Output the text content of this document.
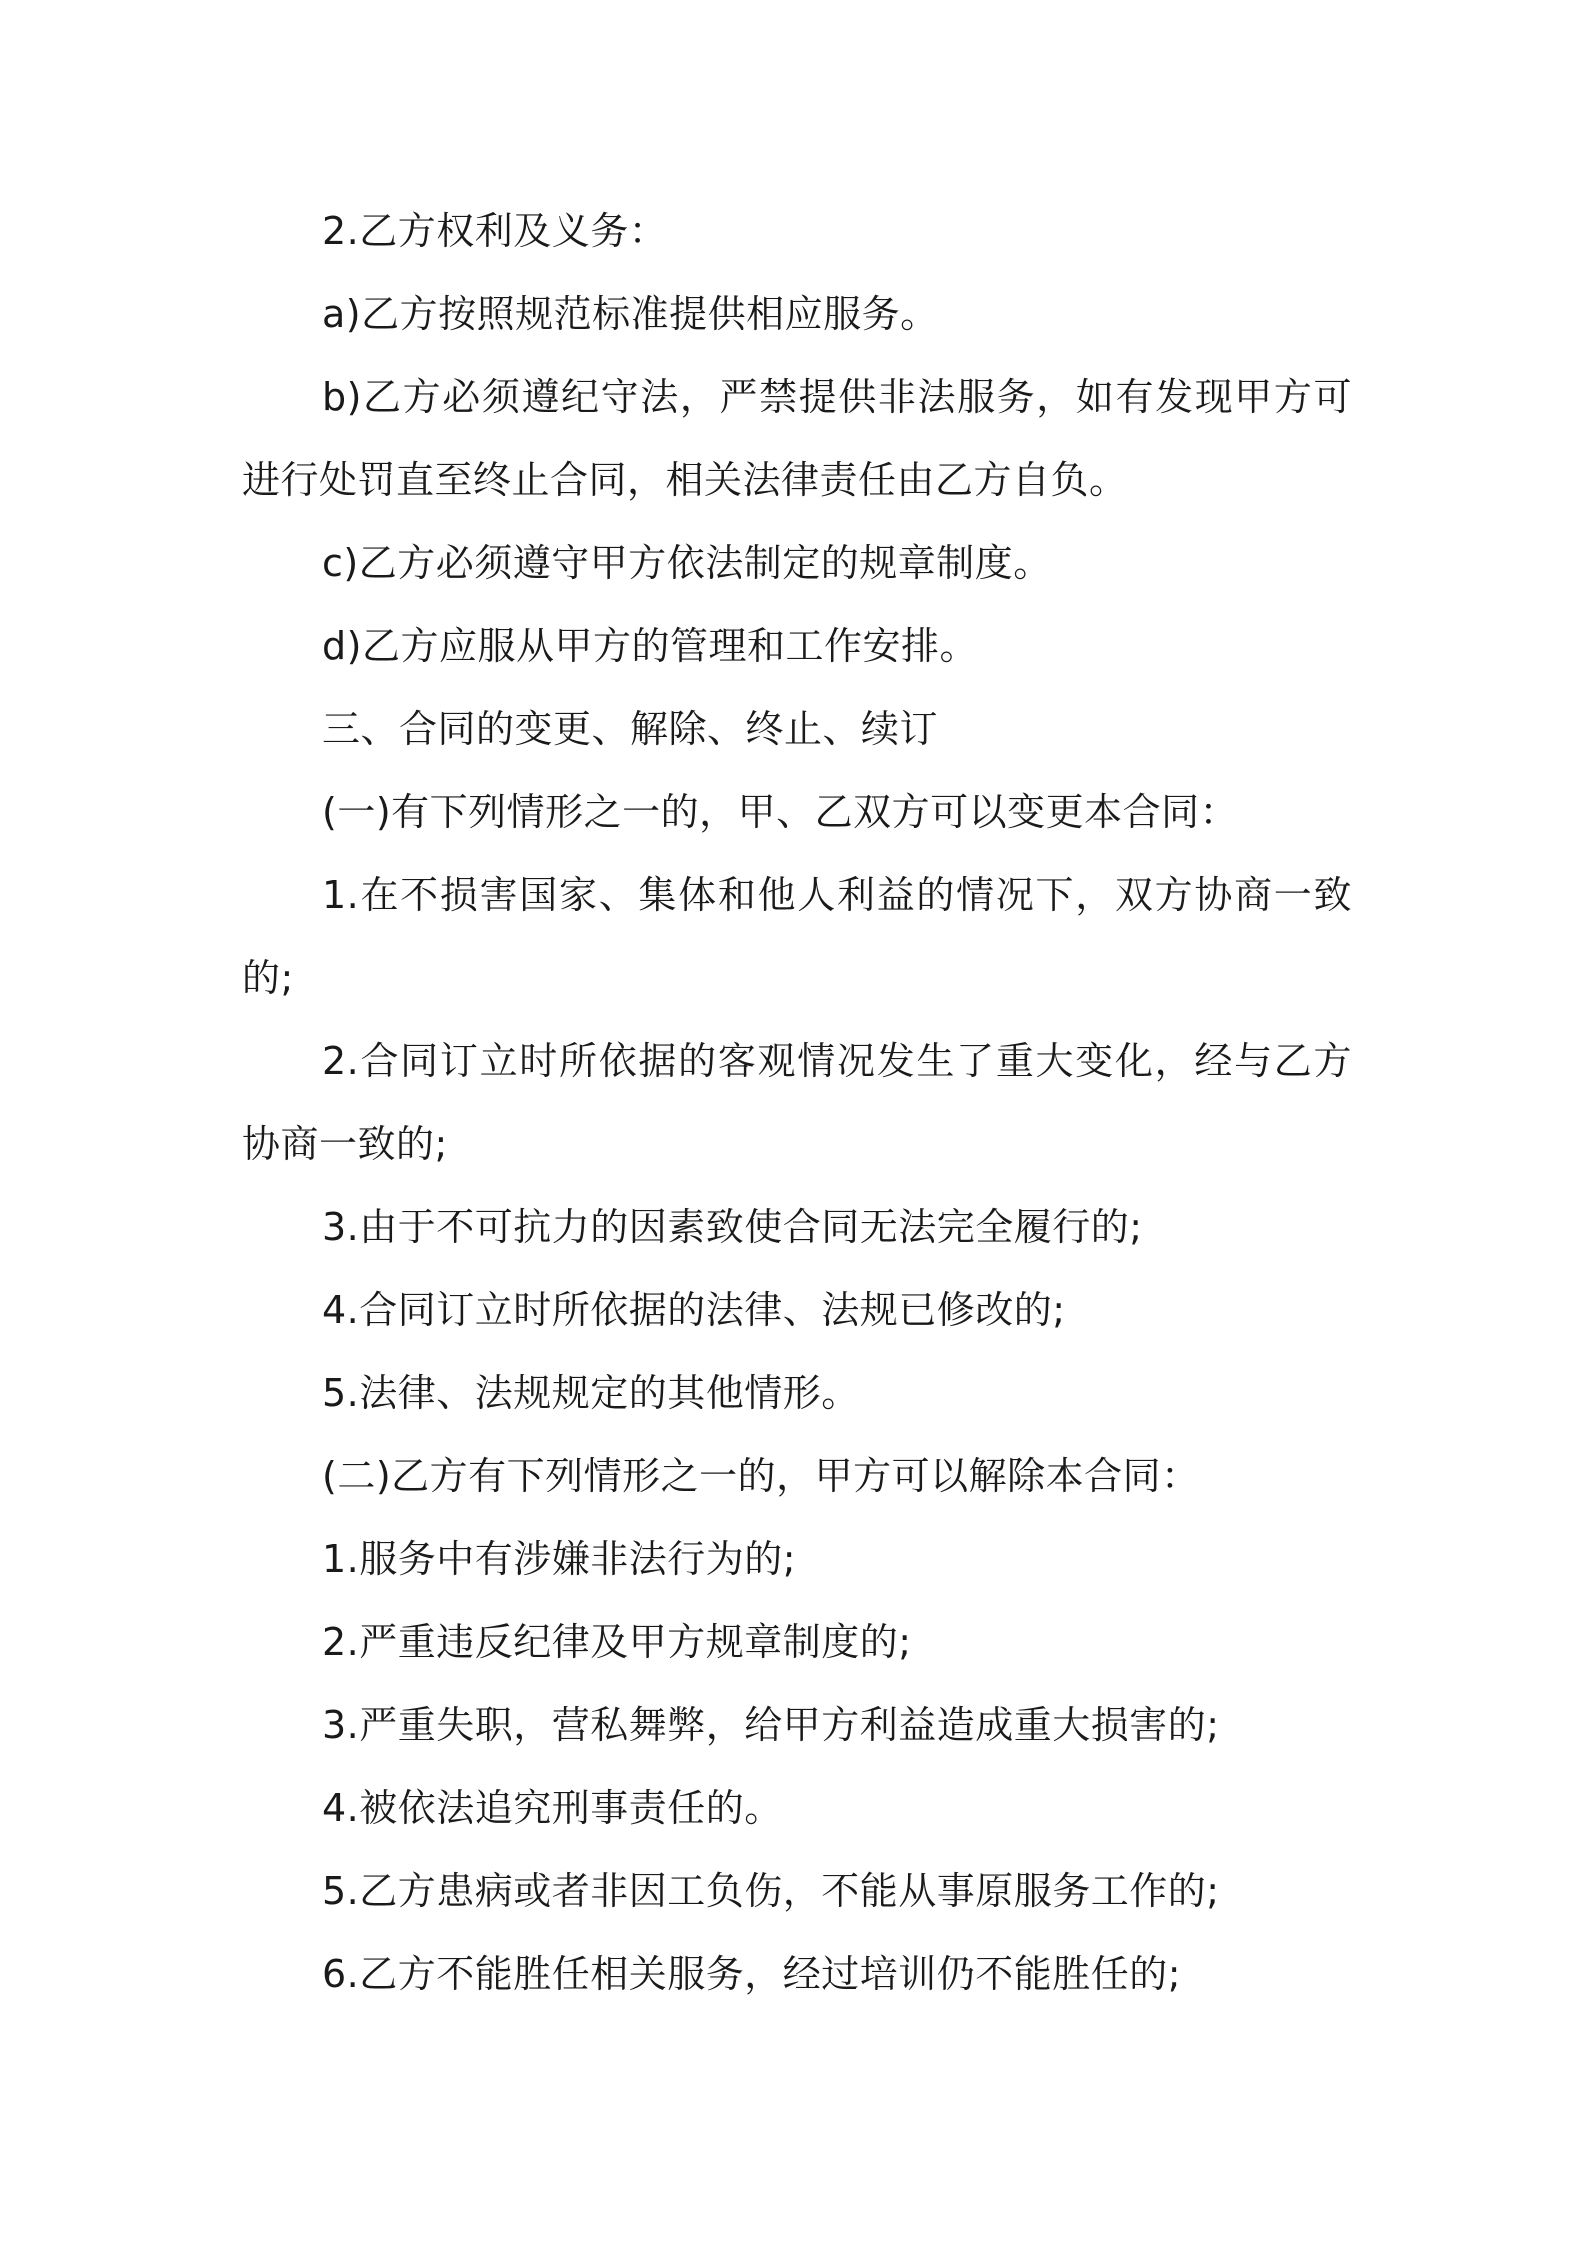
2.乙方权利及义务：

a)乙方按照规范标准提供相应服务。

b)乙方必须遵纪守法，严禁提供非法服务，如有发现甲方可进行处罚直至终止合同，相关法律责任由乙方自负。

c)乙方必须遵守甲方依法制定的规章制度。

d)乙方应服从甲方的管理和工作安排。

三、合同的变更、解除、终止、续订

(一)有下列情形之一的，甲、乙双方可以变更本合同：

1.在不损害国家、集体和他人利益的情况下，双方协商一致的;

2.合同订立时所依据的客观情况发生了重大变化，经与乙方协商一致的;

3.由于不可抗力的因素致使合同无法完全履行的;

4.合同订立时所依据的法律、法规已修改的;

5.法律、法规规定的其他情形。

(二)乙方有下列情形之一的，甲方可以解除本合同：

1.服务中有涉嫌非法行为的;

2.严重违反纪律及甲方规章制度的;

3.严重失职，营私舞弊，给甲方利益造成重大损害的;

4.被依法追究刑事责任的。

5.乙方患病或者非因工负伤，不能从事原服务工作的;

6.乙方不能胜任相关服务，经过培训仍不能胜任的;
